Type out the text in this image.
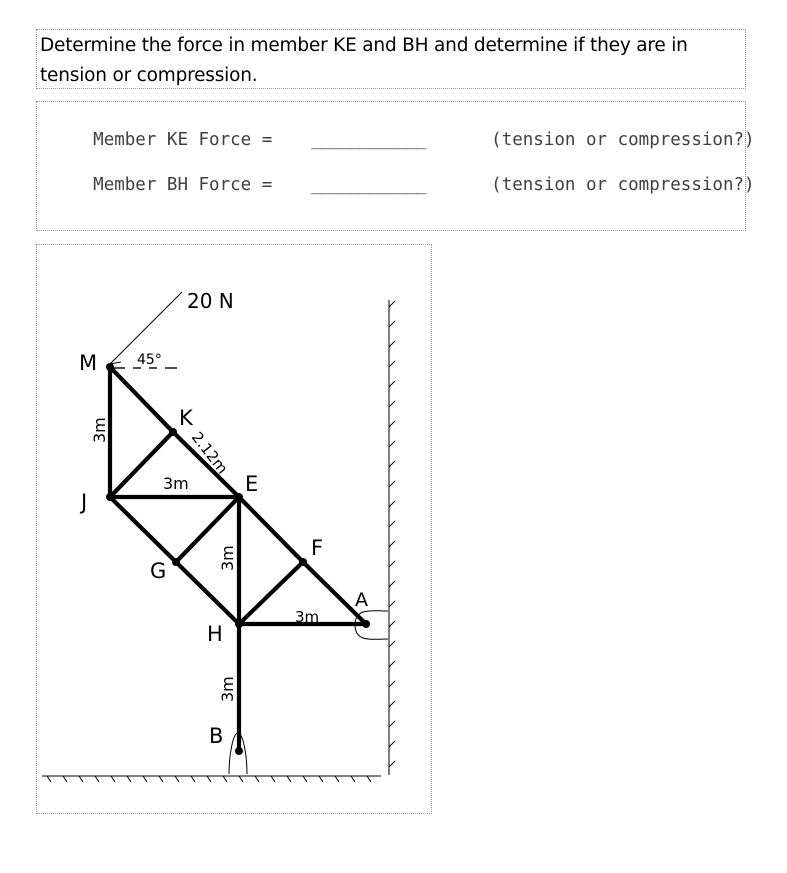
Determine the force in member KE and BH and determine if they are in
tension or compression.

Member KE Force = ____________	(tension or compression?)

Member BH Force = ____________	(tension or compression?)

20 N
45°
M
K
J
E
G
F
H
A
B
3m	2.12m
3m
3m
3m
3m
